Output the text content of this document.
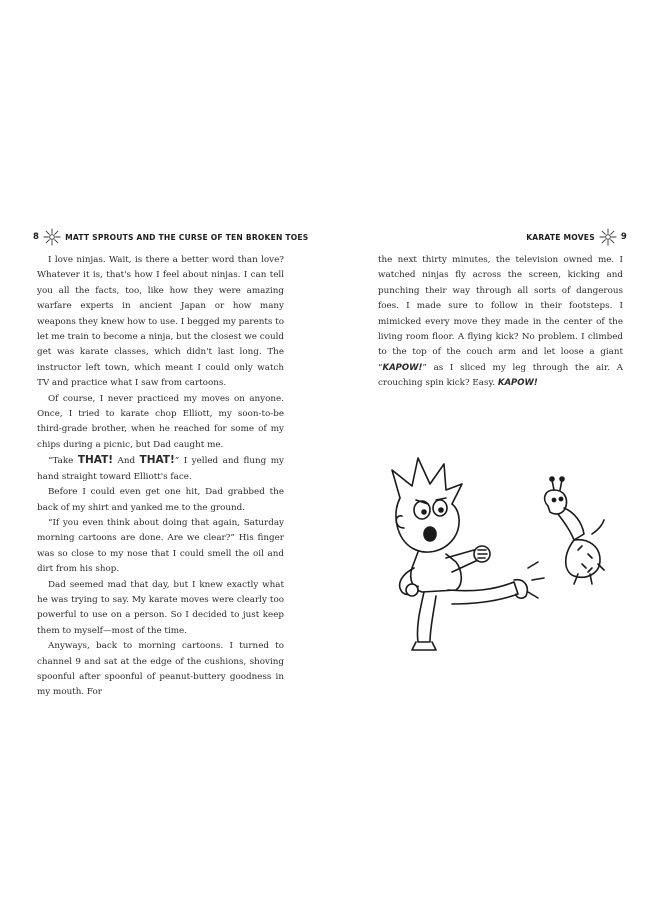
8	MATT SPROUTS AND THE CURSE OF TEN BROKEN TOES

I love ninjas. Wait, is there a better word than love? Whatever it is, that's how I feel about ninjas. I can tell you all the facts, too, like how they were amazing warfare experts in ancient Japan or how many weapons they knew how to use. I begged my parents to let me train to become a ninja, but the closest we could get was karate classes, which didn't last long. The instructor left town, which meant I could only watch TV and practice what I saw from cartoons.

Of course, I never practiced my moves on anyone. Once, I tried to karate chop Elliott, my soon-to-be third-grade brother, when he reached for some of my chips during a picnic, but Dad caught me.

“Take THAT! And THAT!” I yelled and flung my hand straight toward Elliott's face.

Before I could even get one hit, Dad grabbed the back of my shirt and yanked me to the ground.

“If you even think about doing that again, Saturday morning cartoons are done. Are we clear?” His finger was so close to my nose that I could smell the oil and dirt from his shop.

Dad seemed mad that day, but I knew exactly what he was trying to say. My karate moves were clearly too powerful to use on a person. So I decided to just keep them to myself—most of the time.

Anyways, back to morning cartoons. I turned to channel 9 and sat at the edge of the cushions, shoving spoonful after spoonful of peanut-buttery goodness in my mouth. For

KARATE MOVES	9

the next thirty minutes, the television owned me. I watched ninjas fly across the screen, kicking and punching their way through all sorts of dangerous foes. I made sure to follow in their footsteps. I mimicked every move they made in the center of the living room floor. A flying kick? No problem. I climbed to the top of the couch arm and let loose a giant “KAPOW!” as I sliced my leg through the air. A crouching spin kick? Easy. KAPOW!
